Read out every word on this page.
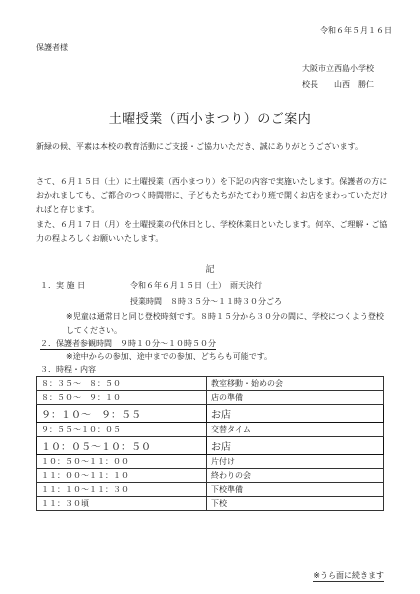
令和６年５月１６日
保護者様
大阪市立西島小学校
校長 山西　勝仁
土曜授業（西小まつり）のご案内
新緑の候、平素は本校の教育活動にご支援・ご協力いただき、誠にありがとうございます。
さて、６月１５日（土）に土曜授業（西小まつり）を下記の内容で実施いたします。保護者の方におかれましても、ご都合のつく時間帯に、子どもたちがたてわり班で開くお店をまわっていただければと存じます。
また、６月１７日（月）を土曜授業の代休日とし、学校休業日といたします。何卒、ご理解・ご協力の程よろしくお願いいたします。
記
１．実 施 日	令和６年６月１５日（土）　雨天決行
授業時間　８時３５分～１１時３０分ごろ
※児童は通常日と同じ登校時刻です。８時１５分から３０分の間に、学校につくよう登校してください。
２．保護者参観時間　９時１０分～１０時５０分
※途中からの参加、途中までの参加、どちらも可能です。
３．時程・内容
８：３５～　８：５０	教室移動・始めの会
８：５０～　９：１０	店の準備
９：１０～　９：５５	お店
９：５５～１０：０５	交替タイム
１０：０５～１０：５０	お店
１０：５０～１１：００	片付け
１１：００～１１：１０	終わりの会
１１：１０～１１：３０	下校準備
１１：３０頃	下校
※うら面に続きます
